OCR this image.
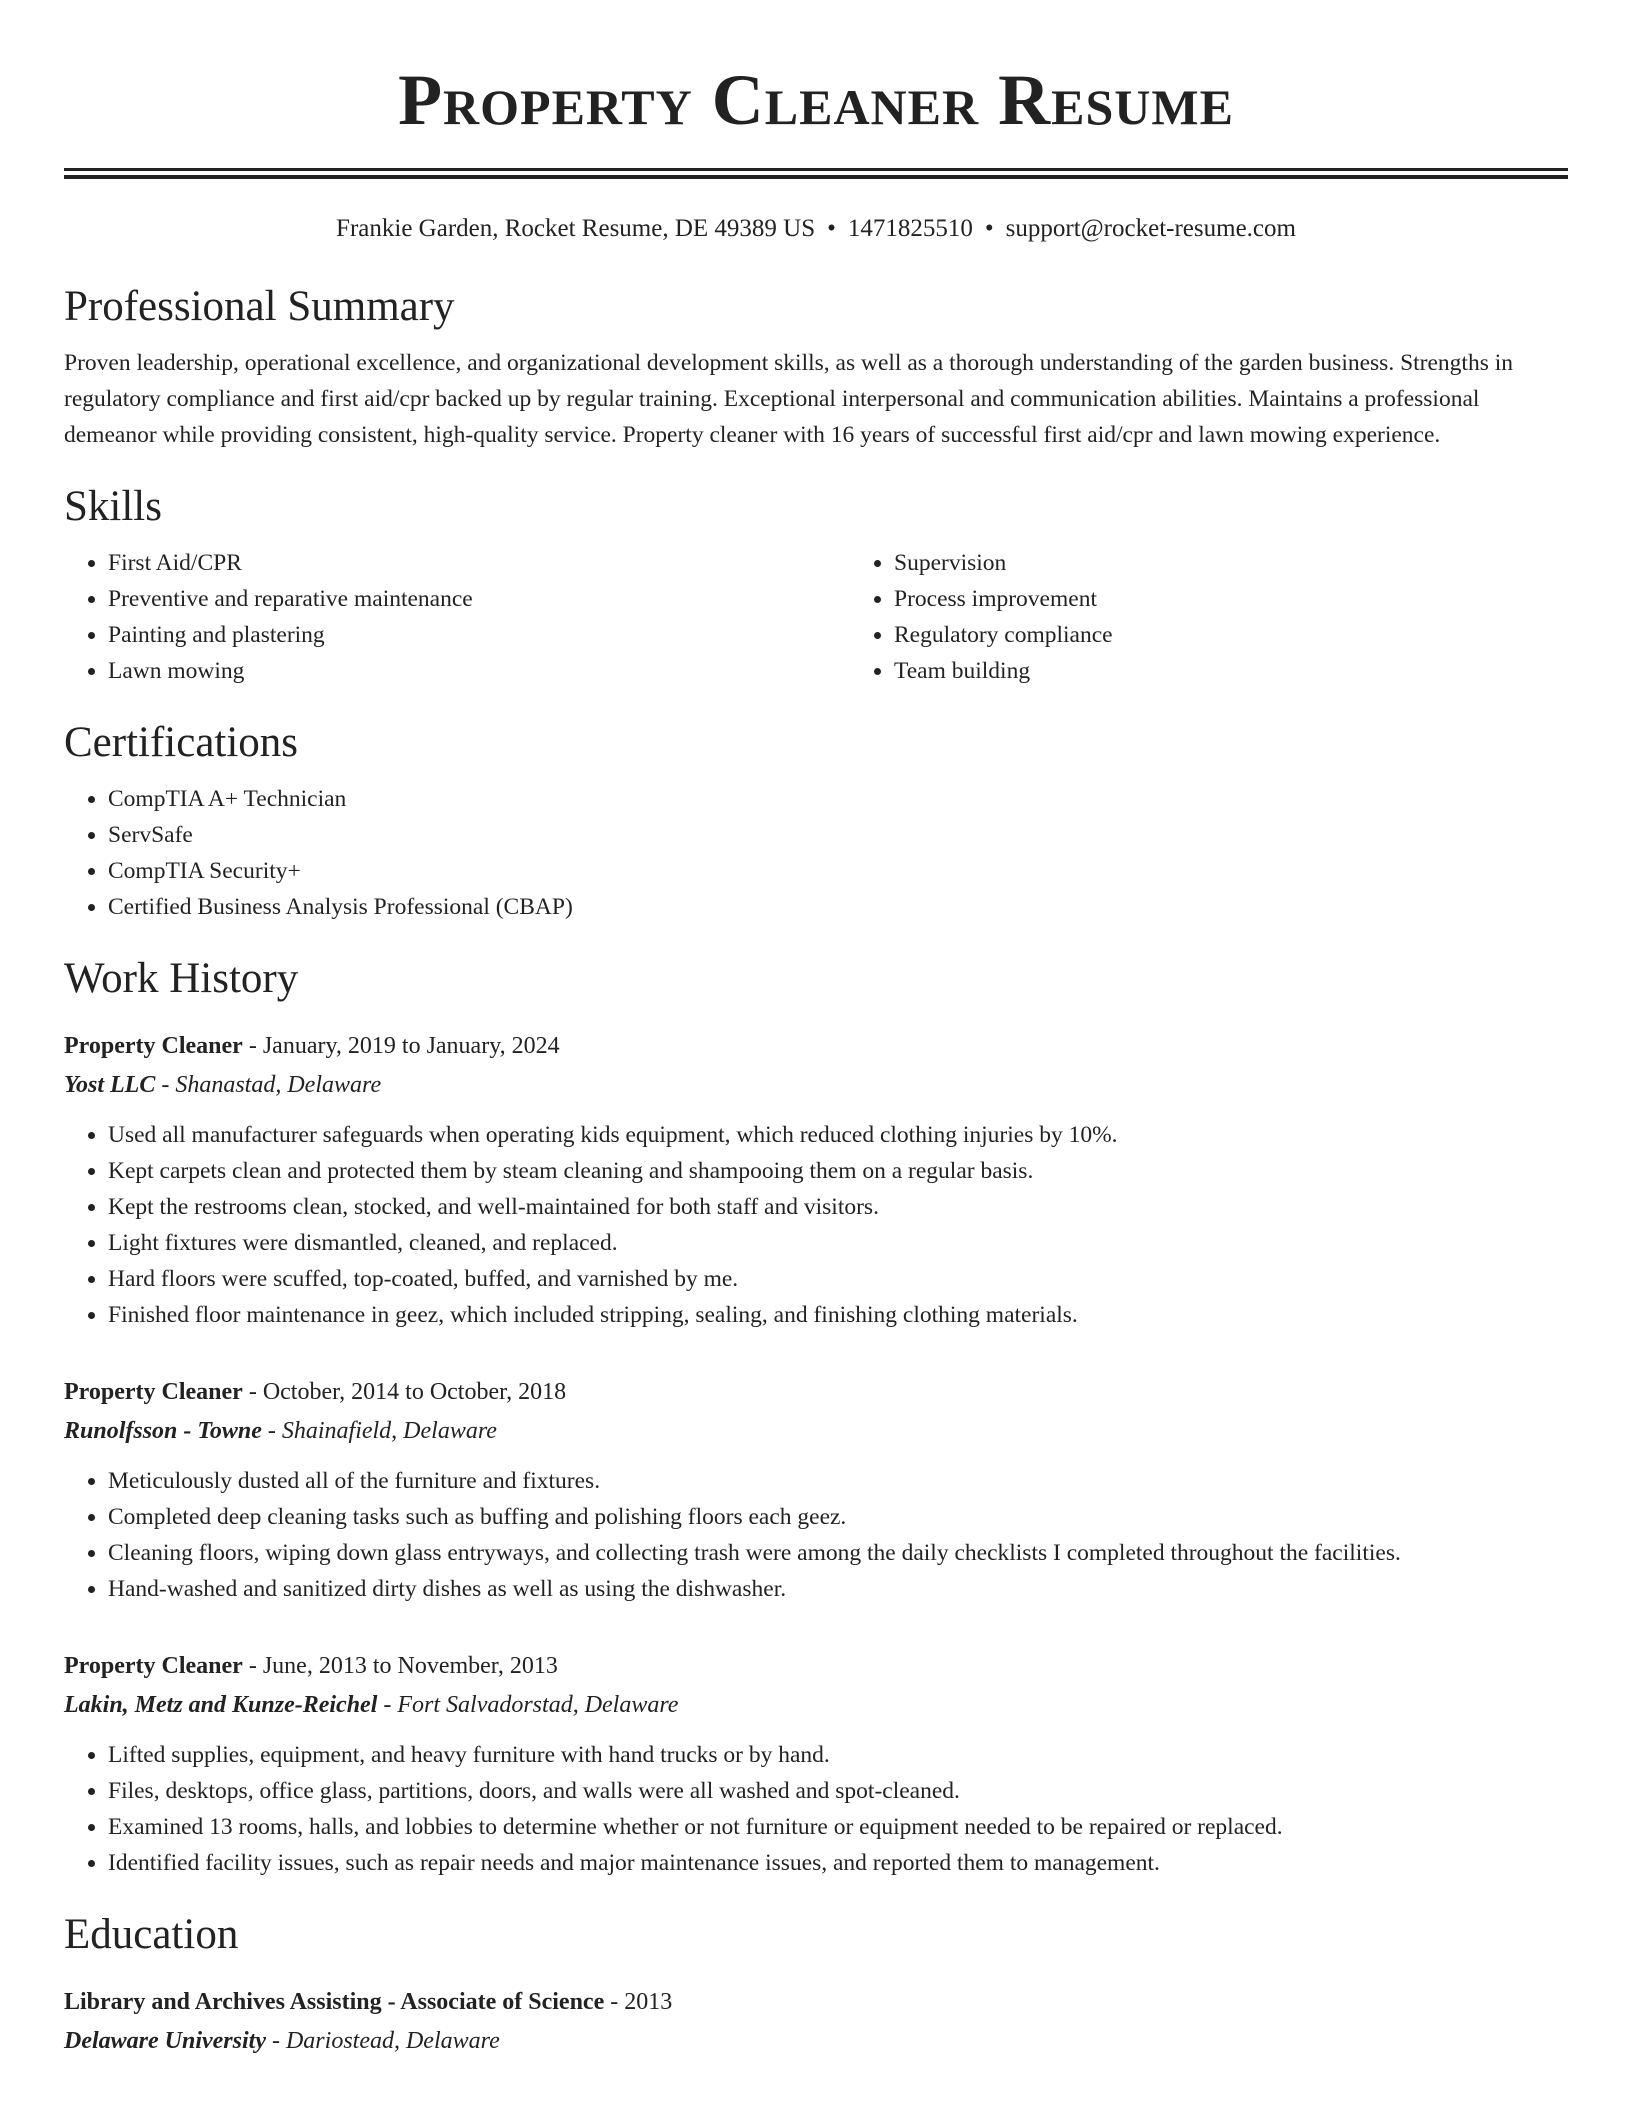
Property Cleaner Resume
Frankie Garden, Rocket Resume, DE 49389 US • 1471825510 • support@rocket-resume.com
Professional Summary

Proven leadership, operational excellence, and organizational development skills, as well as a thorough understanding of the garden business. Strengths in regulatory compliance and first aid/cpr backed up by regular training. Exceptional interpersonal and communication abilities. Maintains a professional demeanor while providing consistent, high-quality service. Property cleaner with 16 years of successful first aid/cpr and lawn mowing experience.

Skills
• First Aid/CPR
• Preventive and reparative maintenance
• Painting and plastering
• Lawn mowing
• Supervision
• Process improvement
• Regulatory compliance
• Team building
Certifications
• CompTIA A+ Technician
• ServSafe
• CompTIA Security+
• Certified Business Analysis Professional (CBAP)
Work History
Property Cleaner - January, 2019 to January, 2024
Yost LLC - Shanastad, Delaware
• Used all manufacturer safeguards when operating kids equipment, which reduced clothing injuries by 10%.
• Kept carpets clean and protected them by steam cleaning and shampooing them on a regular basis.
• Kept the restrooms clean, stocked, and well-maintained for both staff and visitors.
• Light fixtures were dismantled, cleaned, and replaced.
• Hard floors were scuffed, top-coated, buffed, and varnished by me.
• Finished floor maintenance in geez, which included stripping, sealing, and finishing clothing materials.
Property Cleaner - October, 2014 to October, 2018
Runolfsson - Towne - Shainafield, Delaware
• Meticulously dusted all of the furniture and fixtures.
• Completed deep cleaning tasks such as buffing and polishing floors each geez.
• Cleaning floors, wiping down glass entryways, and collecting trash were among the daily checklists I completed throughout the facilities.
• Hand-washed and sanitized dirty dishes as well as using the dishwasher.
Property Cleaner - June, 2013 to November, 2013
Lakin, Metz and Kunze-Reichel - Fort Salvadorstad, Delaware
• Lifted supplies, equipment, and heavy furniture with hand trucks or by hand.
• Files, desktops, office glass, partitions, doors, and walls were all washed and spot-cleaned.
• Examined 13 rooms, halls, and lobbies to determine whether or not furniture or equipment needed to be repaired or replaced.
• Identified facility issues, such as repair needs and major maintenance issues, and reported them to management.
Education
Library and Archives Assisting - Associate of Science - 2013
Delaware University - Dariostead, Delaware
